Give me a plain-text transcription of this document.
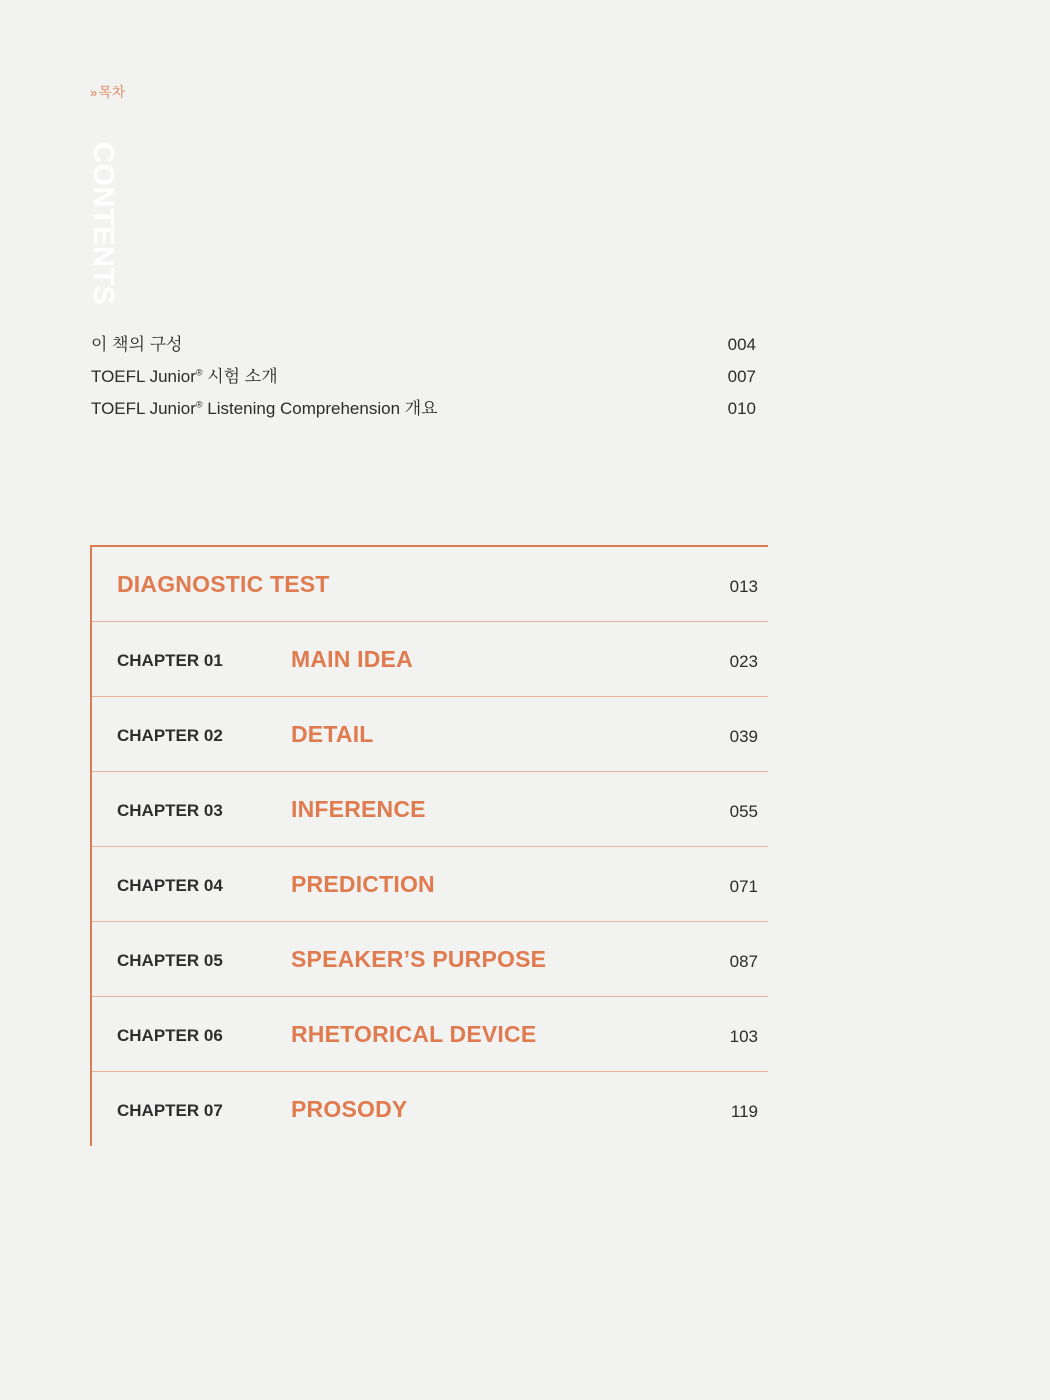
» 목차
CONTENTS
이 책의 구성	004
TOEFL Junior® 시험 소개	007
TOEFL Junior® Listening Comprehension 개요	010
DIAGNOSTIC TEST	013
CHAPTER 01	MAIN IDEA	023
CHAPTER 02	DETAIL	039
CHAPTER 03	INFERENCE	055
CHAPTER 04	PREDICTION	071
CHAPTER 05	SPEAKER’S PURPOSE	087
CHAPTER 06	RHETORICAL DEVICE	103
CHAPTER 07	PROSODY	119
